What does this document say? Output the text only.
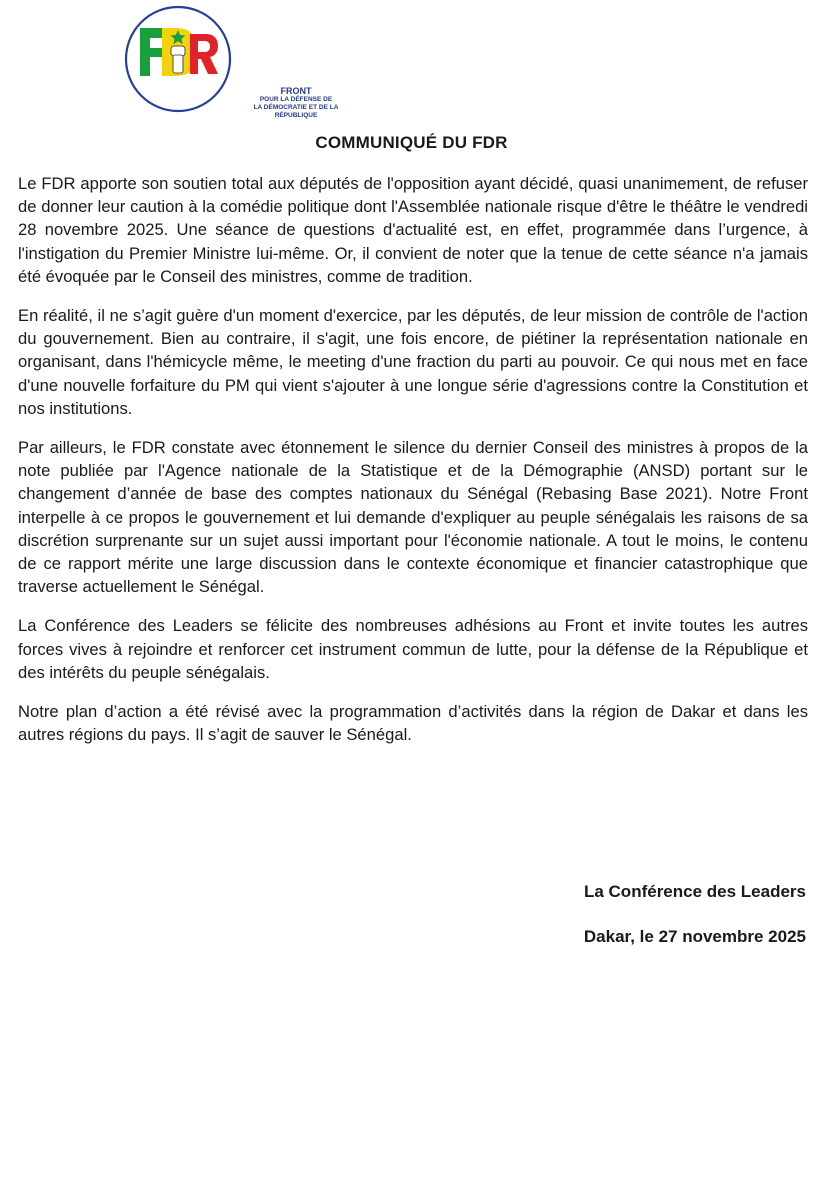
FRONT
POUR LA DÉFENSE DE
LA DÉMOCRATIE ET DE LA
RÉPUBLIQUE
COMMUNIQUÉ DU FDR

Le FDR apporte son soutien total aux députés de l'opposition ayant décidé, quasi unanimement, de refuser de donner leur caution à la comédie politique dont l'Assemblée nationale risque d'être le théâtre le vendredi 28 novembre 2025. Une séance de questions d'actualité est, en effet, programmée dans l’urgence, à l'instigation du Premier Ministre lui-même. Or, il convient de noter que la tenue de cette séance n'a jamais été évoquée par le Conseil des ministres, comme de tradition.

En réalité, il ne s’agit guère d'un moment d'exercice, par les députés, de leur mission de contrôle de l'action du gouvernement. Bien au contraire, il s'agit, une fois encore, de piétiner la représentation nationale en organisant, dans l'hémicycle même, le meeting d'une fraction du parti au pouvoir. Ce qui nous met en face d'une nouvelle forfaiture du PM qui vient s'ajouter à une longue série d'agressions contre la Constitution et nos institutions.

Par ailleurs, le FDR constate avec étonnement le silence du dernier Conseil des ministres à propos de la note publiée par l'Agence nationale de la Statistique et de la Démographie (ANSD) portant sur le changement d’année de base des comptes nationaux du Sénégal (Rebasing Base 2021). Notre Front interpelle à ce propos le gouvernement et lui demande d'expliquer au peuple sénégalais les raisons de sa discrétion surprenante sur un sujet aussi important pour l'économie nationale. A tout le moins, le contenu de ce rapport mérite une large discussion dans le contexte économique et financier catastrophique que traverse actuellement le Sénégal.

La Conférence des Leaders se félicite des nombreuses adhésions au Front et invite toutes les autres forces vives à rejoindre et renforcer cet instrument commun de lutte, pour la défense de la République et des intérêts du peuple sénégalais.

Notre plan d’action a été révisé avec la programmation d’activités dans la région de Dakar et dans les autres régions du pays. Il s’agit de sauver le Sénégal.

La Conférence des Leaders
Dakar, le 27 novembre 2025
